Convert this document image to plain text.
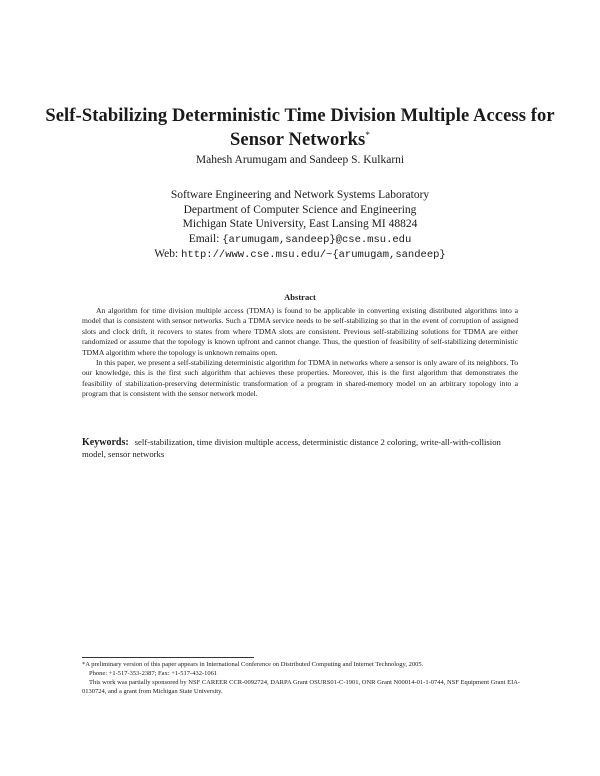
Self-Stabilizing Deterministic Time Division Multiple Access for Sensor Networks*
Mahesh Arumugam and Sandeep S. Kulkarni
Software Engineering and Network Systems Laboratory
Department of Computer Science and Engineering
Michigan State University, East Lansing MI 48824
Email: {arumugam,sandeep}@cse.msu.edu
Web: http://www.cse.msu.edu/~{arumugam,sandeep}
Abstract

An algorithm for time division multiple access (TDMA) is found to be applicable in converting existing distributed algorithms into a model that is consistent with sensor networks. Such a TDMA service needs to be self-stabilizing so that in the event of corruption of assigned slots and clock drift, it recovers to states from where TDMA slots are consistent. Previous self-stabilizing solutions for TDMA are either randomized or assume that the topology is known upfront and cannot change. Thus, the question of feasibility of self-stabilizing deterministic TDMA algorithm where the topology is unknown remains open.

In this paper, we present a self-stabilizing deterministic algorithm for TDMA in networks where a sensor is only aware of its neighbors. To our knowledge, this is the first such algorithm that achieves these properties. Moreover, this is the first algorithm that demonstrates the feasibility of stabilization-preserving deterministic transformation of a program in shared-memory model on an arbitrary topology into a program that is consistent with the sensor network model.

Keywords: self-stabilization, time division multiple access, deterministic distance 2 coloring, write-all-with-collision model, sensor networks

*A preliminary version of this paper appears in International Conference on Distributed Computing and Internet Technology, 2005.

Phone: +1-517-353-2387; Fax: +1-517-432-1061

This work was partially sponsored by NSF CAREER CCR-0092724, DARPA Grant OSURS01-C-1901, ONR Grant N00014-01-1-0744, NSF Equipment Grant EIA-0130724, and a grant from Michigan State University.
